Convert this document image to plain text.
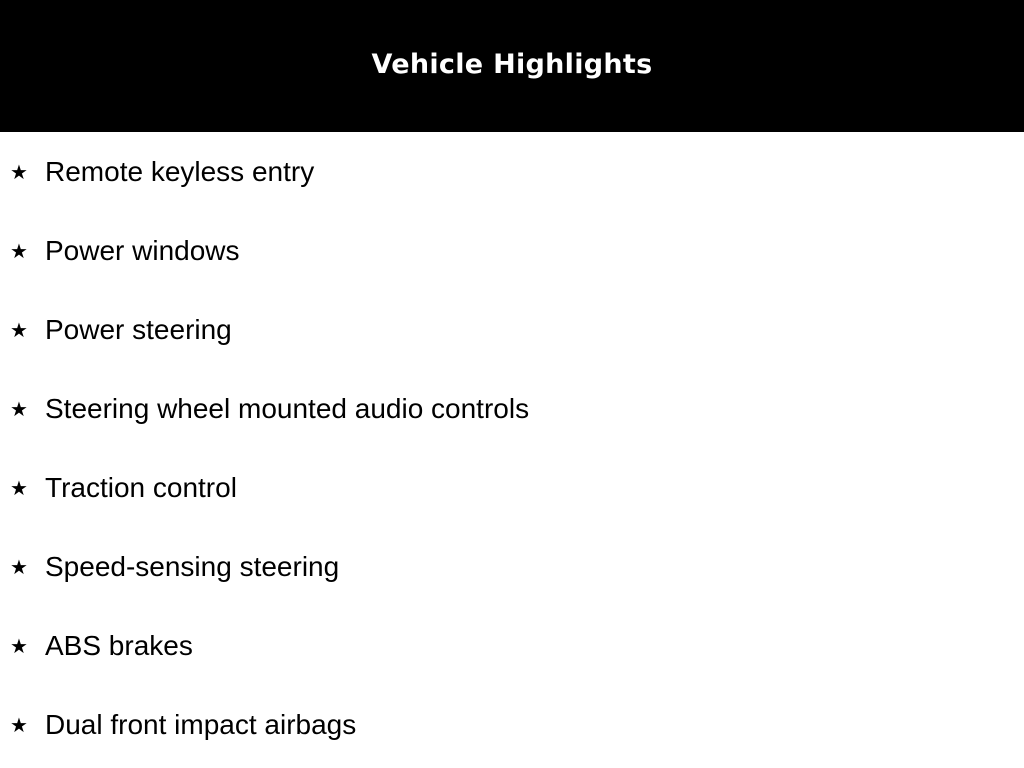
Vehicle Highlights
★ Remote keyless entry
★ Power windows
★ Power steering
★ Steering wheel mounted audio controls
★ Traction control
★ Speed-sensing steering
★ ABS brakes
★ Dual front impact airbags
